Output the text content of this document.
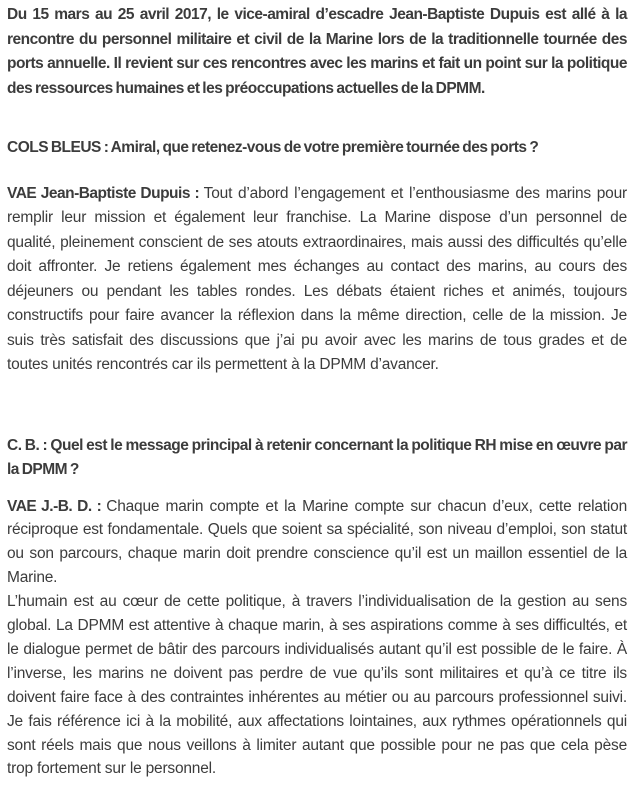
Du 15 mars au 25 avril 2017, le vice-amiral d’escadre Jean-Baptiste Dupuis est allé à la rencontre du personnel militaire et civil de la Marine lors de la traditionnelle tournée des ports annuelle. Il revient sur ces rencontres avec les marins et fait un point sur la politique des ressources humaines et les préoccupations actuelles de la DPMM.

COLS BLEUS : Amiral, que retenez-vous de votre première tournée des ports ?

VAE Jean-Baptiste Dupuis : Tout d’abord l’engagement et l’enthousiasme des marins pour remplir leur mission et également leur franchise. La Marine dispose d’un personnel de qualité, pleinement conscient de ses atouts extraordinaires, mais aussi des difficultés qu’elle doit affronter. Je retiens également mes échanges au contact des marins, au cours des déjeuners ou pendant les tables rondes. Les débats étaient riches et animés, toujours constructifs pour faire avancer la réflexion dans la même direction, celle de la mission. Je suis très satisfait des discussions que j’ai pu avoir avec les marins de tous grades et de toutes unités rencontrés car ils permettent à la DPMM d’avancer.

C. B. : Quel est le message principal à retenir concernant la politique RH mise en œuvre par la DPMM ?

VAE J.-B. D. : Chaque marin compte et la Marine compte sur chacun d’eux, cette relation réciproque est fondamentale. Quels que soient sa spécialité, son niveau d’emploi, son statut ou son parcours, chaque marin doit prendre conscience qu’il est un maillon essentiel de la Marine.
L’humain est au cœur de cette politique, à travers l’individualisation de la gestion au sens global. La DPMM est attentive à chaque marin, à ses aspirations comme à ses difficultés, et le dialogue permet de bâtir des parcours individualisés autant qu’il est possible de le faire. À l’inverse, les marins ne doivent pas perdre de vue qu’ils sont militaires et qu’à ce titre ils doivent faire face à des contraintes inhérentes au métier ou au parcours professionnel suivi. Je fais référence ici à la mobilité, aux affectations lointaines, aux rythmes opérationnels qui sont réels mais que nous veillons à limiter autant que possible pour ne pas que cela pèse trop fortement sur le personnel.
